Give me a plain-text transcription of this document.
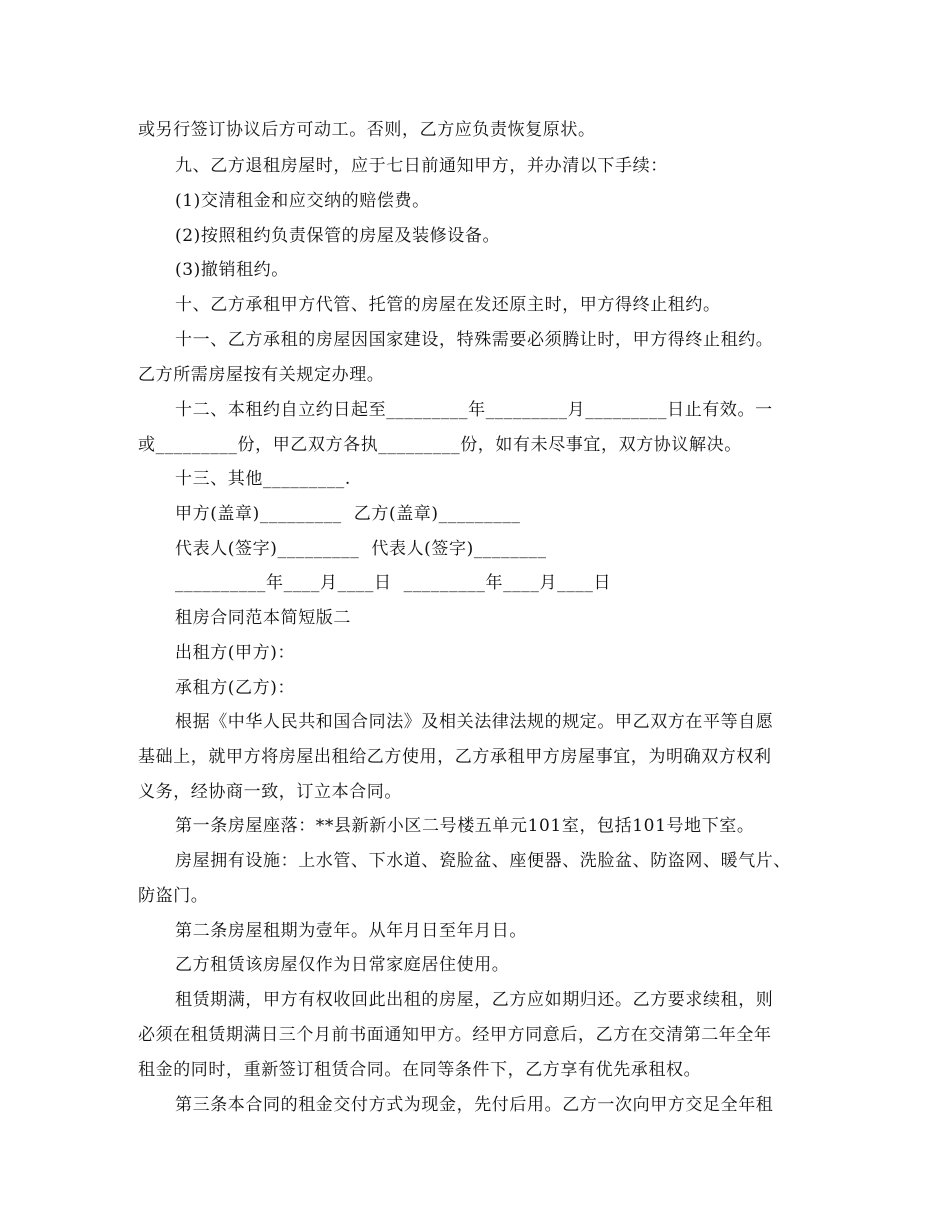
或另行签订协议后方可动工。否则，乙方应负责恢复原状。
九、乙方退租房屋时，应于七日前通知甲方，并办清以下手续：
(1)交清租金和应交纳的赔偿费。
(2)按照租约负责保管的房屋及装修设备。
(3)撤销租约。
十、乙方承租甲方代管、托管的房屋在发还原主时，甲方得终止租约。
十一、乙方承租的房屋因国家建设，特殊需要必须腾让时，甲方得终止租约。
乙方所需房屋按有关规定办理。
十二、本租约自立约日起至_________年_________月_________日止有效。一
或_________份，甲乙双方各执_________份，如有未尽事宜，双方协议解决。
十三、其他_________.
甲方(盖章)_________  乙方(盖章)_________
代表人(签字)_________  代表人(签字)________
__________年____月____日  _________年____月____日
租房合同范本简短版二
出租方(甲方)：
承租方(乙方)：
根据《中华人民共和国合同法》及相关法律法规的规定。甲乙双方在平等自愿
基础上，就甲方将房屋出租给乙方使用，乙方承租甲方房屋事宜，为明确双方权利
义务，经协商一致，订立本合同。
第一条房屋座落：**县新新小区二号楼五单元101室，包括101号地下室。
房屋拥有设施：上水管、下水道、瓷脸盆、座便器、洗脸盆、防盗网、暖气片、
防盗门。
第二条房屋租期为壹年。从年月日至年月日。
乙方租赁该房屋仅作为日常家庭居住使用。
租赁期满，甲方有权收回此出租的房屋，乙方应如期归还。乙方要求续租，则
必须在租赁期满日三个月前书面通知甲方。经甲方同意后，乙方在交清第二年全年
租金的同时，重新签订租赁合同。在同等条件下，乙方享有优先承租权。
第三条本合同的租金交付方式为现金，先付后用。乙方一次向甲方交足全年租
